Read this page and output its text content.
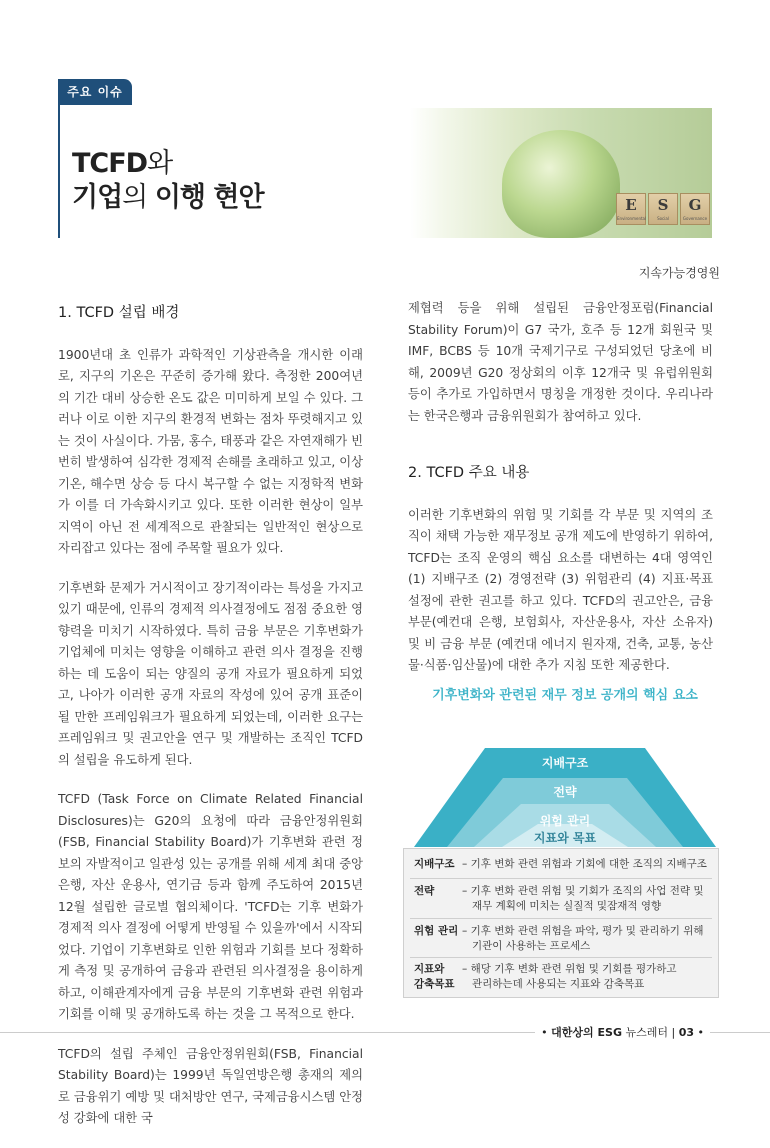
주요 이슈
E
Environmental
S
Social
G
Governance
TCFD와
기업의 이행 현안
지속가능경영원
1. TCFD 설립 배경

1900년대 초 인류가 과학적인 기상관측을 개시한 이래로, 지구의 기온은 꾸준히 증가해 왔다. 측정한 200여년의 기간 대비 상승한 온도 값은 미미하게 보일 수 있다. 그러나 이로 이한 지구의 환경적 변화는 점차 뚜렷해지고 있는 것이 사실이다. 가뭄, 홍수, 태풍과 같은 자연재해가 빈번히 발생하여 심각한 경제적 손해를 초래하고 있고, 이상기온, 해수면 상승 등 다시 복구할 수 없는 지정학적 변화가 이를 더 가속화시키고 있다. 또한 이러한 현상이 일부 지역이 아닌 전 세계적으로 관찰되는 일반적인 현상으로 자리잡고 있다는 점에 주목할 필요가 있다.

기후변화 문제가 거시적이고 장기적이라는 특성을 가지고 있기 때문에, 인류의 경제적 의사결정에도 점점 중요한 영향력을 미치기 시작하였다. 특히 금융 부문은 기후변화가 기업체에 미치는 영향을 이해하고 관련 의사 결정을 진행하는 데 도움이 되는 양질의 공개 자료가 필요하게 되었고, 나아가 이러한 공개 자료의 작성에 있어 공개 표준이 될 만한 프레임워크가 필요하게 되었는데, 이러한 요구는 프레임워크 및 권고안을 연구 및 개발하는 조직인 TCFD의 설립을 유도하게 된다.

TCFD (Task Force on Climate Related Financial Disclosures)는 G20의 요청에 따라 금융안정위원회(FSB, Financial Stability Board)가 기후변화 관련 정보의 자발적이고 일관성 있는 공개를 위해 세계 최대 중앙은행, 자산 운용사, 연기금 등과 함께 주도하여 2015년 12월 설립한 글로벌 협의체이다. 'TCFD는 기후 변화가 경제적 의사 결정에 어떻게 반영될 수 있을까'에서 시작되었다. 기업이 기후변화로 인한 위험과 기회를 보다 정확하게 측정 및 공개하여 금융과 관련된 의사결정을 용이하게 하고, 이해관계자에게 금융 부문의 기후변화 관련 위험과 기회를 이해 및 공개하도록 하는 것을 그 목적으로 한다.

TCFD의 설립 주체인 금융안정위원회(FSB, Financial Stability Board)는 1999년 독일연방은행 총재의 제의로 금융위기 예방 및 대처방안 연구, 국제금융시스템 안정성 강화에 대한 국

제협력 등을 위해 설립된 금융안정포럼(Financial Stability Forum)이 G7 국가, 호주 등 12개 회원국 및 IMF, BCBS 등 10개 국제기구로 구성되었던 당초에 비해, 2009년 G20 정상회의 이후 12개국 및 유럽위원회 등이 추가로 가입하면서 명칭을 개정한 것이다. 우리나라는 한국은행과 금융위원회가 참여하고 있다.

2. TCFD 주요 내용

이러한 기후변화의 위험 및 기회를 각 부문 및 지역의 조직이 채택 가능한 재무정보 공개 제도에 반영하기 위하여, TCFD는 조직 운영의 핵심 요소를 대변하는 4대 영역인 (1) 지배구조 (2) 경영전략 (3) 위험관리 (4) 지표·목표 설정에 관한 권고를 하고 있다. TCFD의 권고안은, 금융 부문(예컨대 은행, 보험회사, 자산운용사, 자산 소유자) 및 비 금융 부문 (예컨대 에너지 원자재, 건축, 교통, 농산물·식품·임산물)에 대한 추가 지침 또한 제공한다.

기후변화와 관련된 재무 정보 공개의 핵심 요소
지배구조
전략
위험 관리
지표와 목표
지배구조 – 기후 변화 관련 위험과 기회에 대한 조직의 지배구조
전략	– 기후 변화 관련 위험 및 기회가 조직의 사업 전략 및
재무 계획에 미치는 실질적 및잠재적 영향
위험 관리 – 기후 변화 관련 위험을 파악, 평가 및 관리하기 위해
기관이 사용하는 프로세스
지표와
감축목표
– 해당 기후 변화 관련 위험 및 기회를 평가하고
관리하는데 사용되는 지표와 감축목표
• 대한상의 ESG 뉴스레터 | 03 •
